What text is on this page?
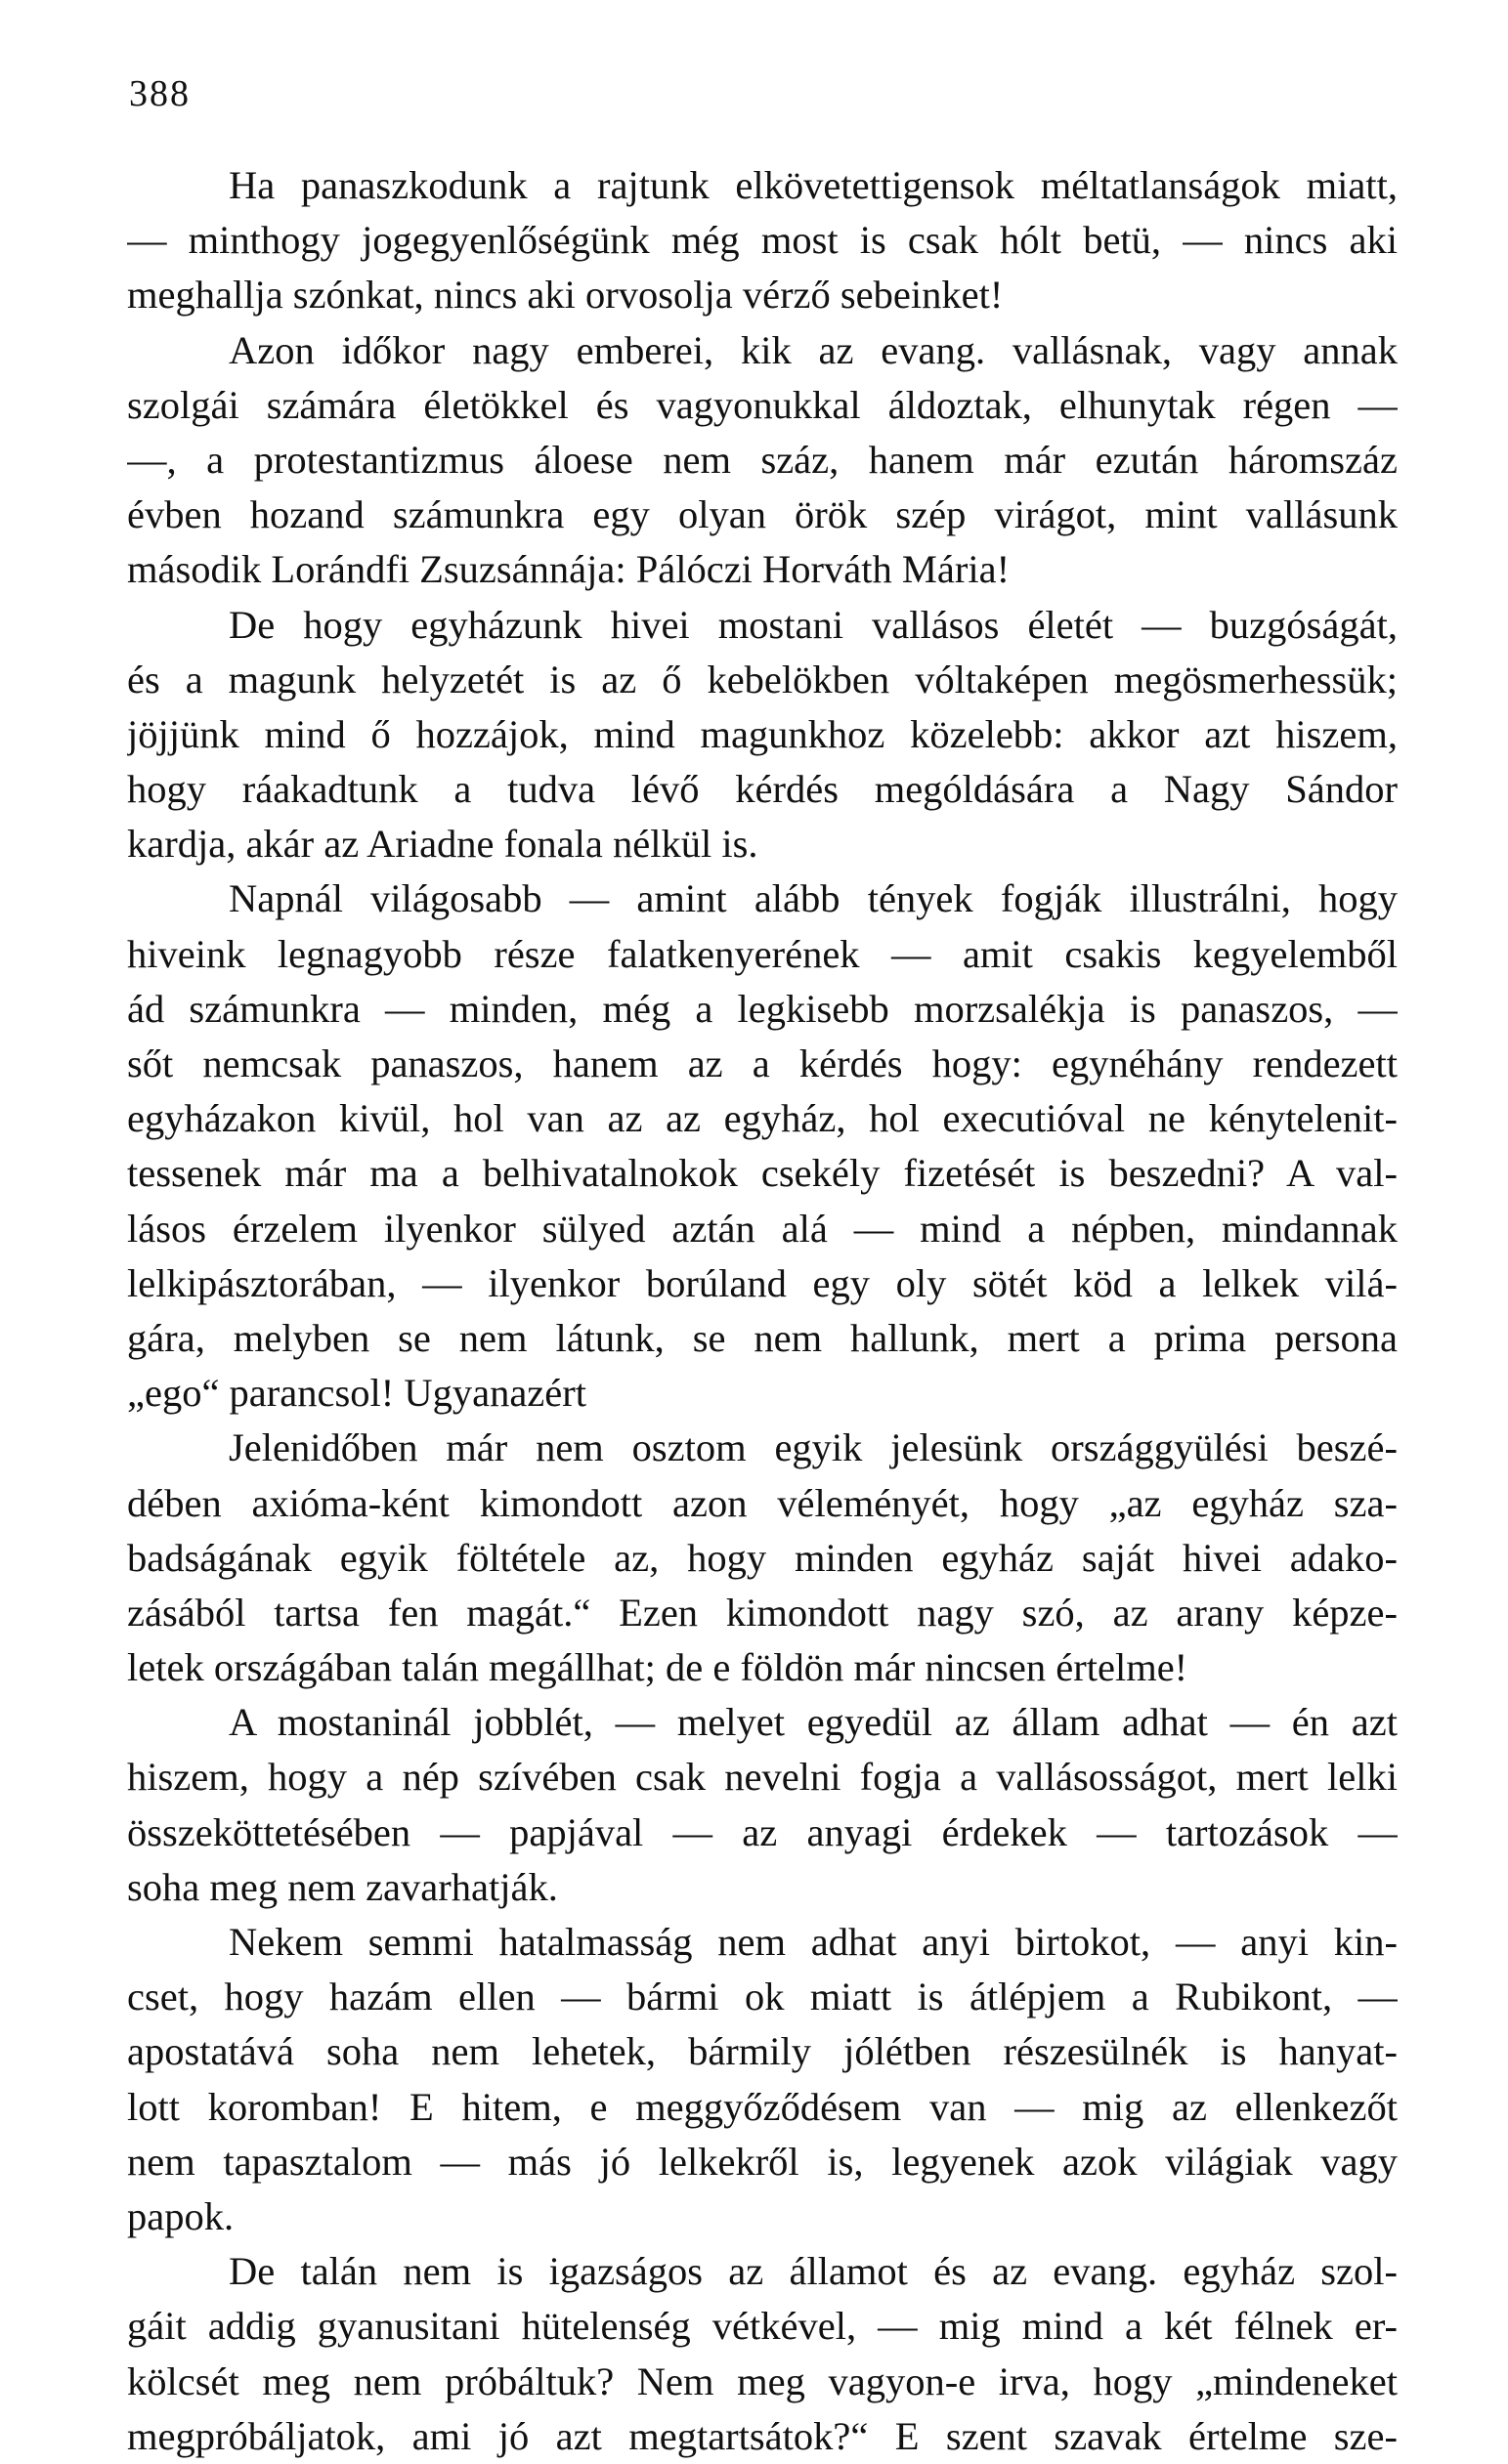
388
Ha panaszkodunk a rajtunk elkövetettigensok méltatlanságok miatt,
— minthogy jogegyenlőségünk még most is csak hólt betü, — nincs aki
meghallja szónkat, nincs aki orvosolja vérző sebeinket!
Azon időkor nagy emberei, kik az evang. vallásnak, vagy annak
szolgái számára életökkel és vagyonukkal áldoztak, elhunytak régen —
—, a protestantizmus áloese nem száz, hanem már ezután háromszáz
évben hozand számunkra egy olyan örök szép virágot, mint vallásunk
második Lorándfi Zsuzsánnája: Pálóczi Horváth Mária!
De hogy egyházunk hivei mostani vallásos életét — buzgóságát,
és a magunk helyzetét is az ő kebelökben vóltaképen megösmerhessük;
jöjjünk mind ő hozzájok, mind magunkhoz közelebb: akkor azt hiszem,
hogy ráakadtunk a tudva lévő kérdés mególdására a Nagy Sándor
kardja, akár az Ariadne fonala nélkül is.
Napnál világosabb — amint alább tények fogják illustrálni, hogy
hiveink legnagyobb része falatkenyerének — amit csakis kegyelemből
ád számunkra — minden, még a legkisebb morzsalékja is panaszos, —
sőt nemcsak panaszos, hanem az a kérdés hogy: egynéhány rendezett
egyházakon kivül, hol van az az egyház, hol executióval ne kénytelenit-
tessenek már ma a belhivatalnokok csekély fizetését is beszedni? A val-
lásos érzelem ilyenkor sülyed aztán alá — mind a népben, mindannak
lelkipásztorában, — ilyenkor borúland egy oly sötét köd a lelkek vilá-
gára, melyben se nem látunk, se nem hallunk, mert a prima persona
„ego“ parancsol! Ugyanazért
Jelenidőben már nem osztom egyik jelesünk országgyülési beszé-
dében axióma-ként kimondott azon véleményét, hogy „az egyház sza-
badságának egyik föltétele az, hogy minden egyház saját hivei adako-
zásából tartsa fen magát.“ Ezen kimondott nagy szó, az arany képze-
letek országában talán megállhat; de e földön már nincsen értelme!
A mostaninál jobblét, — melyet egyedül az állam adhat — én azt
hiszem, hogy a nép szívében csak nevelni fogja a vallásosságot, mert lelki
összeköttetésében — papjával — az anyagi érdekek — tartozások —
soha meg nem zavarhatják.
Nekem semmi hatalmasság nem adhat anyi birtokot, — anyi kin-
cset, hogy hazám ellen — bármi ok miatt is átlépjem a Rubikont, —
apostatává soha nem lehetek, bármily jólétben részesülnék is hanyat-
lott koromban! E hitem, e meggyőződésem van — mig az ellenkezőt
nem tapasztalom — más jó lelkekről is, legyenek azok világiak vagy
papok.
De talán nem is igazságos az államot és az evang. egyház szol-
gáit addig gyanusitani hütelenség vétkével, — mig mind a két félnek er-
kölcsét meg nem próbáltuk? Nem meg vagyon-e irva, hogy „mindeneket
megpróbáljatok, ami jó azt megtartsátok?“ E szent szavak értelme sze-
